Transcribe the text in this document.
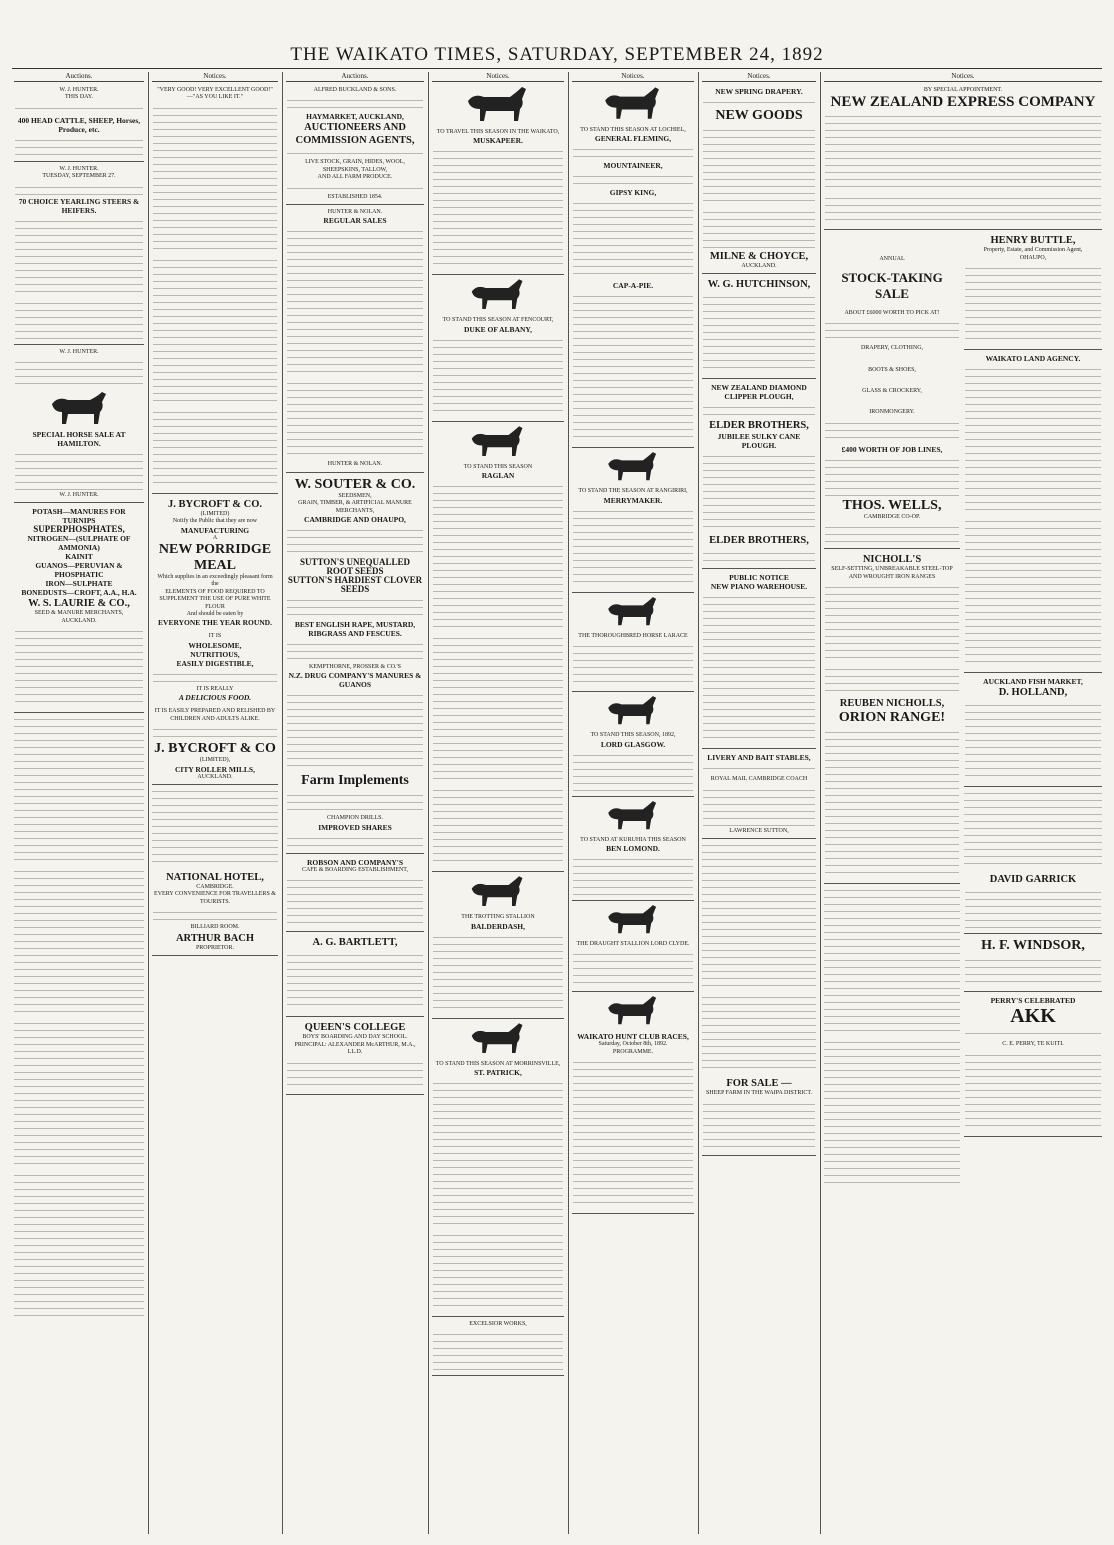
THE WAIKATO TIMES, SATURDAY, SEPTEMBER 24, 1892
Auctions.
W. J. HUNTER.
THIS DAY.
400 HEAD CATTLE, SHEEP, Horses, Produce, etc.
W. J. HUNTER.
TUESDAY, SEPTEMBER 27.
70 CHOICE YEARLING STEERS & HEIFERS.
W. J. HUNTER.
SPECIAL HORSE SALE AT HAMILTON.
W. J. HUNTER.
POTASH—MANURES FOR TURNIPS
SUPERPHOSPHATES,
NITROGEN—(SULPHATE OF AMMONIA)
KAINIT
GUANOS—PERUVIAN & PHOSPHATIC
IRON—SULPHATE
BONEDUSTS—CROFT, A.A., H.A.
W. S. LAURIE & CO.,
SEED & MANURE MERCHANTS,
AUCKLAND.
Notices.
"VERY GOOD! VERY EXCELLENT GOOD!" —"AS YOU LIKE IT."
J. BYCROFT & CO.
(LIMITED)
Notify the Public that they are now
MANUFACTURING
A
NEW PORRIDGE MEAL
Which supplies in an exceedingly pleasant form the
ELEMENTS OF FOOD REQUIRED TO SUPPLEMENT THE USE OF PURE WHITE FLOUR
And should be eaten by
EVERYONE THE YEAR ROUND.
IT IS
WHOLESOME,
NUTRITIOUS,
EASILY DIGESTIBLE,
IT IS REALLY
A DELICIOUS FOOD.
IT IS EASILY PREPARED AND RELISHED BY CHILDREN AND ADULTS ALIKE.
J. BYCROFT & CO
(LIMITED),
CITY ROLLER MILLS,
AUCKLAND.
NATIONAL HOTEL,
CAMBRIDGE.
EVERY CONVENIENCE FOR TRAVELLERS & TOURISTS.
BILLIARD ROOM.
ARTHUR BACH
PROPRIETOR.
Auctions.
ALFRED BUCKLAND & SONS.
HAYMARKET, AUCKLAND,
AUCTIONEERS AND COMMISSION AGENTS,
LIVE STOCK, GRAIN, HIDES, WOOL, SHEEPSKINS, TALLOW,
AND ALL FARM PRODUCE.
ESTABLISHED 1854.
HUNTER & NOLAN.
REGULAR SALES
HUNTER & NOLAN.
W. SOUTER & CO.
SEEDSMEN,
GRAIN, TIMBER, & ARTIFICIAL MANURE MERCHANTS,
CAMBRIDGE AND OHAUPO,
SUTTON'S UNEQUALLED ROOT SEEDS
SUTTON'S HARDIEST CLOVER SEEDS
BEST ENGLISH RAPE, MUSTARD, RIBGRASS AND FESCUES.
KEMPTHORNE, PROSSER & CO.'S
N.Z. DRUG COMPANY'S MANURES & GUANOS
Farm Implements
CHAMPION DRILLS.
IMPROVED SHARES
ROBSON AND COMPANY'S
CAFE & BOARDING ESTABLISHMENT,
A. G. BARTLETT,
QUEEN'S COLLEGE
BOYS' BOARDING AND DAY SCHOOL.
PRINCIPAL: ALEXANDER McARTHUR, M.A., LL.D.
Notices.
TO TRAVEL THIS SEASON IN THE WAIKATO,
MUSKAPEER.
TO STAND THIS SEASON AT FENCOURT,
DUKE OF ALBANY,
TO STAND THIS SEASON
RAGLAN
THE TROTTING STALLION
BALDERDASH,
TO STAND THIS SEASON AT MORRINSVILLE,
ST. PATRICK,
EXCELSIOR WORKS,
Notices.
TO STAND THIS SEASON AT LOCHIEL,
GENERAL FLEMING,
MOUNTAINEER,
GIPSY KING,
CAP-A-PIE.
TO STAND THE SEASON AT RANGIRIRI,
MERRYMAKER.
THE THOROUGHBRED HORSE LARACE
TO STAND THIS SEASON, 1892,
LORD GLASGOW.
TO STAND AT KURUHIA THIS SEASON
BEN LOMOND.
THE DRAUGHT STALLION LORD CLYDE.
WAIKATO HUNT CLUB RACES,
Saturday, October 8th, 1892.
PROGRAMME.
Notices.
NEW SPRING DRAPERY.
NEW GOODS
MILNE & CHOYCE,
AUCKLAND.
W. G. HUTCHINSON,
NEW ZEALAND DIAMOND CLIPPER PLOUGH,
ELDER BROTHERS,
JUBILEE SULKY CANE PLOUGH.
ELDER BROTHERS,
PUBLIC NOTICE
NEW PIANO WAREHOUSE.
LIVERY AND BAIT STABLES,
ROYAL MAIL CAMBRIDGE COACH
LAWRENCE SUTTON,
FOR SALE —
SHEEP FARM IN THE WAIPA DISTRICT.
Notices.
BY SPECIAL APPOINTMENT.
NEW ZEALAND EXPRESS COMPANY
ANNUAL
STOCK-TAKING SALE
ABOUT £6000 WORTH TO PICK AT!
DRAPERY, CLOTHING,
BOOTS & SHOES,
GLASS & CROCKERY,
IRONMONGERY.
£400 WORTH OF JOB LINES,
THOS. WELLS,
CAMBRIDGE CO-OP.
NICHOLL'S
SELF-SETTING, UNBREAKABLE STEEL-TOP AND WROUGHT IRON RANGES
REUBEN NICHOLLS,
ORION RANGE!
HENRY BUTTLE,
Property, Estate, and Commission Agent,
OHAUPO,
WAIKATO LAND AGENCY.
AUCKLAND FISH MARKET,
D. HOLLAND,
DAVID GARRICK
H. F. WINDSOR,
PERRY'S CELEBRATED
AKK
C. E. PERRY, TE KUITI.
